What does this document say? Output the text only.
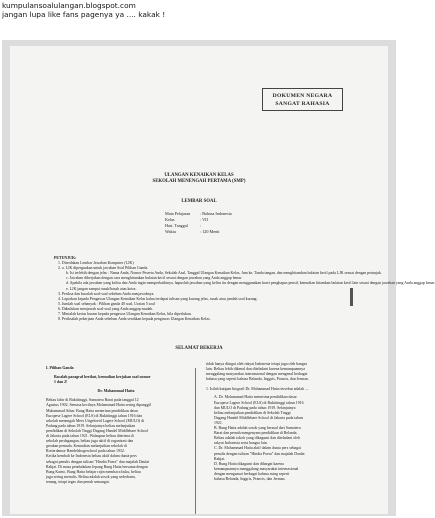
kumpulansoalulangan.blogspot.com
jangan lupa like fans pagenya ya .... kakak !
DOKUMEN NEGARA
SANGAT RAHASIA
ULANGAN KENAIKAN KELAS
SEKOLAH MENENGAH PERTAMA (SMP)
LEMBAR SOAL
Mata Pelajaran : Bahasa Indonesia
Kelas	: VII
Hari, Tanggal	:
Waktu	: 120 Menit
PETUNJUK:
1. Diterdakan Lembar Jawaban Komputer (LJK)
2. a. LJK diperguakan untuk jawaban Soal Pilihan Ganda.
b. Isi terlebih dengan jelas : Nama Anda, Nomor Peserta Anda, Sekolah Asal, Tanggal Ulangan Kenaikan Kelas, Jam ke, Tanda tangan, dan menghitamkan bulatan kecil pada LJK sesuai dengan petunjuk.
c. Jawaban dikerjakan dengan cara menghitamkan bulatan kecil sesuai dengan jawaban yang Anda anggap benar.
d. Apabila ada jawaban yang keliru dan Anda ingin memperbaikinya, hapuslah jawaban yang keliru itu dengan menggunakan karet penghapus pensil, kemudian hitamkan bulatan kecil lain sesuai dengan jawaban yang Anda anggap benar.
e. LJK jangan sampai rusak/basah atau kotor.
3. Periksa dan bacalah soal-soal sebelum Anda menjawabnya.
4. Laporkan kepada Pengawas Ulangan Kenaikan Kelas kalau terdapat tulisan yang kurang jelas, rusak atau jumlah soal kurang.
5. Jumlah soal sebanyak : Pilihan ganda 40 soal, Uraian 5 soal
6. Dahulukan menjawab soal-soal yang Anda anggap mudah.
7. Mintalah kertas buram kepada pengawas Ulangan Kenaikan Kelas, bila diperlukan.
8. Periksalah pekerjaan Anda sebelum Anda serahkan kepada pengawas Ulangan Kenaikan Kelas.
SELAMAT BEKERJA
I. Pilihan Ganda
Bacalah paragraf berikut, kemudian kerjakan soal nomor
1 dan 2!
Dr. Mohammad Hatta
Beliau lahir di Bukittinggi, Sumatera Barat pada tanggal 12
Agustus 1902. Semasa kecilnya Mohammad Hatta sering dipanggil
Muhammad Athar. Bung Hatta menerima pendidikan dasar
Europese Lagere School (ELS) di Bukittinggi tahun 1916 dan
sekolah menengah Meer Uitgebreid Lagere School (MULO) di
Padang pada tahun 1919. Selanjutnya beliau melanjutkan
pendidikan di Sekolah Tinggi Dagang Handel Middlebare School
di Jakarta pada tahun 1921. Walaupun beliau diterima di
sekolah perdagangan, beliau juga aktif di organisasi dan
gerakan pemuda. Kemudian melanjutkan sekolah di
Rotterdamse Handelshogeschool pada tahun 1932.
Ketika kembali ke Indonesia beliau aktif dalam dunia pers
sebagai penulis dengan tulisan "Hindia Poera" dan majalah Daulat
Rakjat. Di masa pendudukan Jepang Bung Hatta bersama dengan
Bung Karno, Bung Hatta belajar rajin membaca buku, beliau
juga sering menulis. Beliau adalah sosok yang sederhana,
tenang, tetapi tegas dan penuh semangat.
tidak hanya diingat oleh rakyat Indonesia tetapi juga oleh bangsa
lain. Beliau lebih dikenal dan diteladani karena kemampuannya
menggalang masyarakat internasional dengan mengenal berbagai
bahasa yang seperti bahasa Belanda, Inggris, Prancis, dan Jerman.
1. Isilah kutipan biografi Dr. Mohammad Hatta tersebut adalah ....
A. Dr. Mohammad Hatta menerima pendidikan dasar
Europese Lagere School (ELS) di Bukittinggi tahun 1916
dan MULO di Padang pada tahun 1919. Selanjutnya
beliau melanjutkan pendidikan di Sekolah Tinggi
Dagang Handel Middlebare School di Jakarta pada tahun
1921.
B. Bung Hatta adalah sosok yang berasal dari Sumatera
Barat dan pernah mengenyam pendidikan di Belanda.
Beliau adalah tokoh yang dikagumi dan diteladani oleh
rakyat Indonesia serta bangsa lain.
C. Dr. Mohammad Hatta aktif dalam dunia pers sebagai
penulis dengan tulisan "Hindia Poera" dan majalah Daulat
Rakjat.
D. Bung Hatta dikagumi dan dihargai karena
kemampuannya menggalang masyarakat internasional
dengan menguasai berbagai bahasa asing seperti
bahasa Belanda, Inggris, Prancis, dan Jerman.
